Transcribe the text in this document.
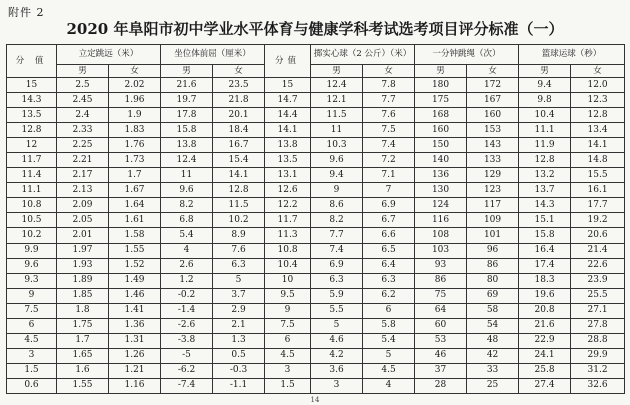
附件 2
2020 年阜阳市初中学业水平体育与健康学科考试选考项目评分标准（一）
分 值	立定跳远（米）		坐位体前屈（厘米）		分值	掷实心球（2 公斤）（米）		一分钟跳绳（次）		篮球运球（秒）	
	男	女	男	女		男	女	男	女	男	女
15	2.5	2.02	21.6	23.5	15	12.4	7.8	180	172	9.4	12.0
14.3	2.45	1.96	19.7	21.8	14.7	12.1	7.7	175	167	9.8	12.3
13.5	2.4	1.9	17.8	20.1	14.4	11.5	7.6	168	160	10.4	12.8
12.8	2.33	1.83	15.8	18.4	14.1	11	7.5	160	153	11.1	13.4
12	2.25	1.76	13.8	16.7	13.8	10.3	7.4	150	143	11.9	14.1
11.7	2.21	1.73	12.4	15.4	13.5	9.6	7.2	140	133	12.8	14.8
11.4	2.17	1.7	11	14.1	13.1	9.4	7.1	136	129	13.2	15.5
11.1	2.13	1.67	9.6	12.8	12.6	9	7	130	123	13.7	16.1
10.8	2.09	1.64	8.2	11.5	12.2	8.6	6.9	124	117	14.3	17.7
10.5	2.05	1.61	6.8	10.2	11.7	8.2	6.7	116	109	15.1	19.2
10.2	2.01	1.58	5.4	8.9	11.3	7.7	6.6	108	101	15.8	20.6
9.9	1.97	1.55	4	7.6	10.8	7.4	6.5	103	96	16.4	21.4
9.6	1.93	1.52	2.6	6.3	10.4	6.9	6.4	93	86	17.4	22.6
9.3	1.89	1.49	1.2	5	10	6.3	6.3	86	80	18.3	23.9
9	1.85	1.46	-0.2	3.7	9.5	5.9	6.2	75	69	19.6	25.5
7.5	1.8	1.41	-1.4	2.9	9	5.5	6	64	58	20.8	27.1
6	1.75	1.36	-2.6	2.1	7.5	5	5.8	60	54	21.6	27.8
4.5	1.7	1.31	-3.8	1.3	6	4.6	5.4	53	48	22.9	28.8
3	1.65	1.26	-5	0.5	4.5	4.2	5	46	42	24.1	29.9
1.5	1.6	1.21	-6.2	-0.3	3	3.6	4.5	37	33	25.8	31.2
0.6	1.55	1.16	-7.4	-1.1	1.5	3	4	28	25	27.4	32.6
14
